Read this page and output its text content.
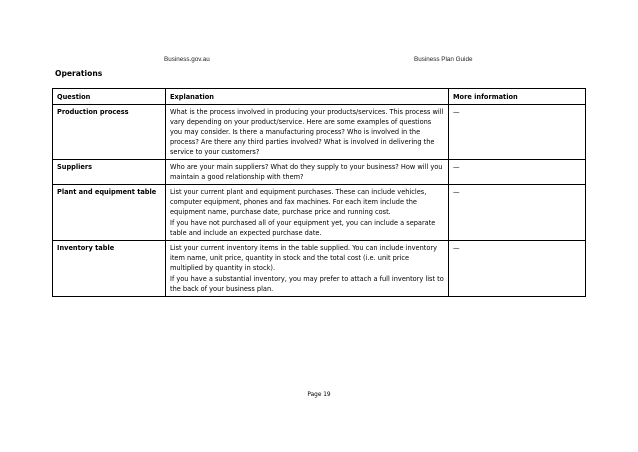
Business.gov.au	Business Plan Guide
Operations
Question	Explanation	More information
Production process	What is the process involved in producing your products/services. This process will vary depending on your product/service. Here are some examples of questions you may consider. Is there a manufacturing process? Who is involved in the process? Are there any third parties involved? What is involved in delivering the service to your customers?	—
Suppliers	Who are your main suppliers? What do they supply to your business? How will you maintain a good relationship with them?	—
Plant and equipment table	List your current plant and equipment purchases. These can include vehicles, computer equipment, phones and fax machines. For each item include the equipment name, purchase date, purchase price and running cost.

If you have not purchased all of your equipment yet, you can include a separate table and include an expected purchase date.	—
Inventory table	List your current inventory items in the table supplied. You can include inventory item name, unit price, quantity in stock and the total cost (i.e. unit price multiplied by quantity in stock).

If you have a substantial inventory, you may prefer to attach a full inventory list to the back of your business plan.	—
Page 19
